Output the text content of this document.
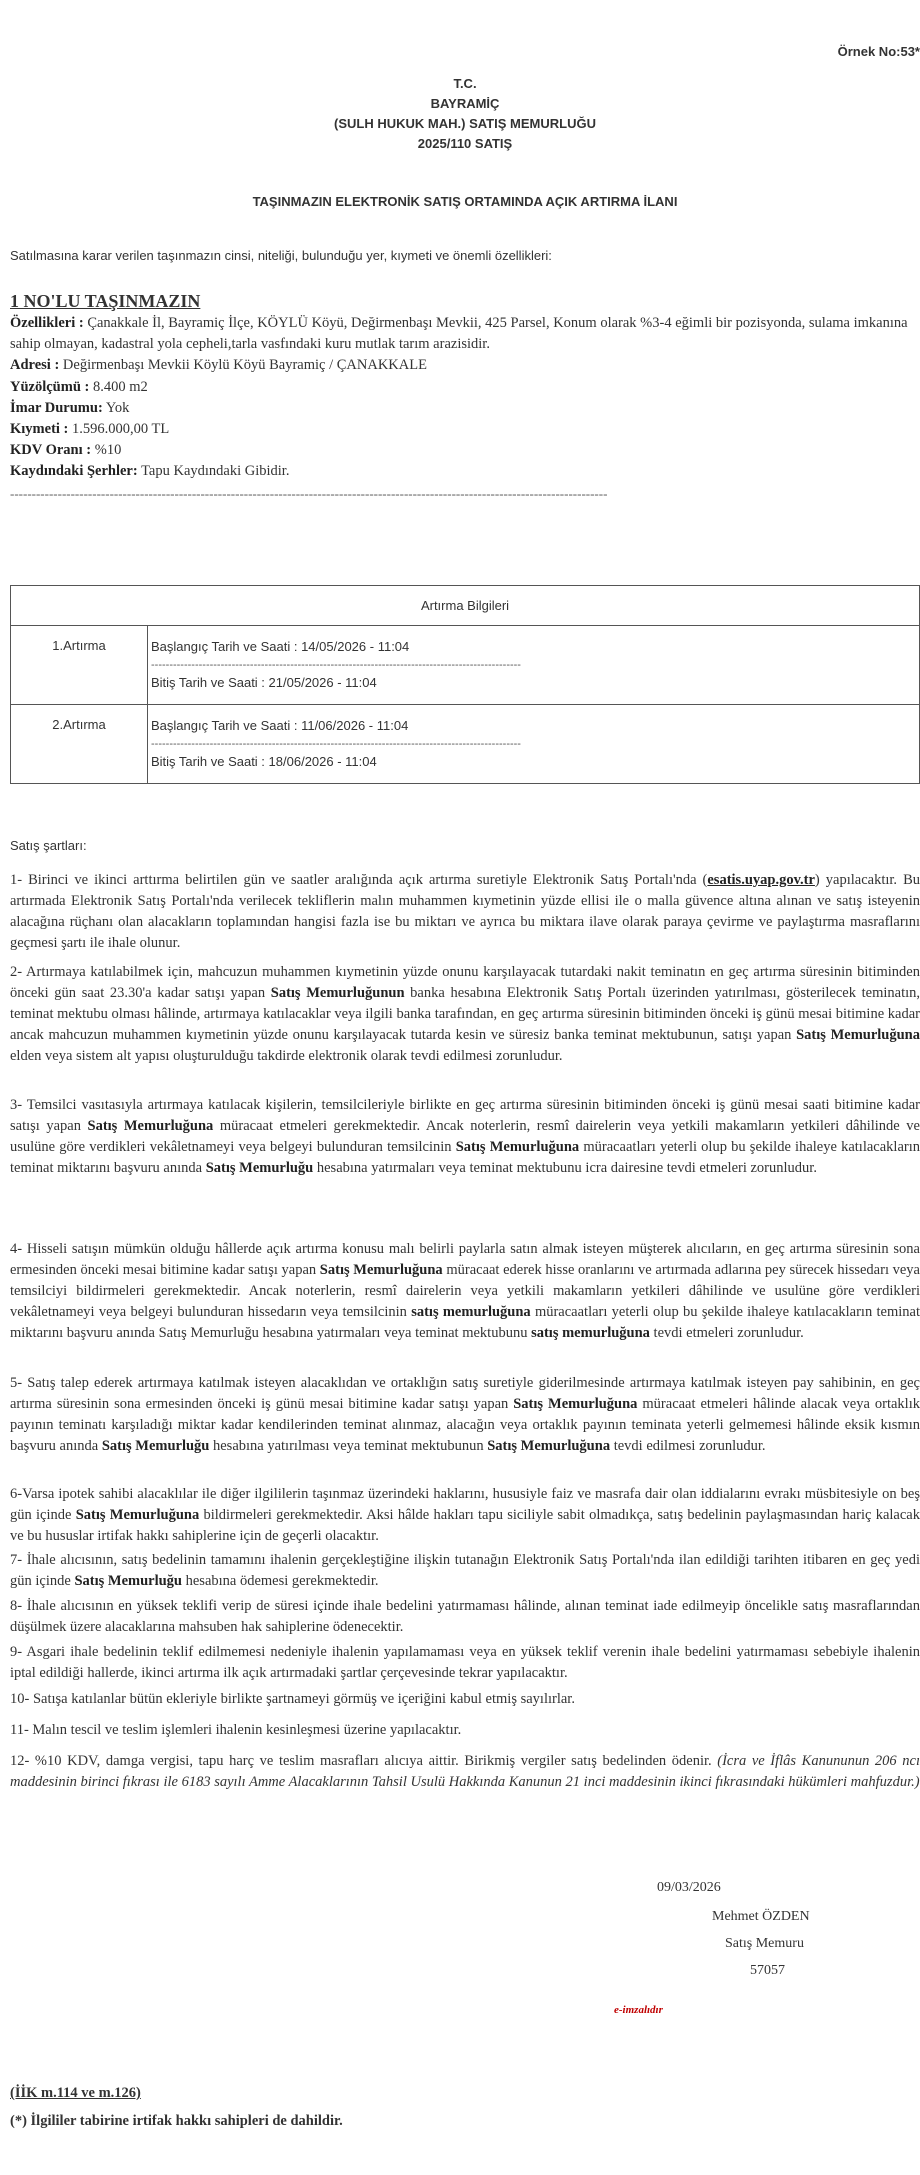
Örnek No:53*
T.C.
BAYRAMİÇ
(SULH HUKUK MAH.) SATIŞ MEMURLUĞU
2025/110 SATIŞ
TAŞINMAZIN ELEKTRONİK SATIŞ ORTAMINDA AÇIK ARTIRMA İLANI
Satılmasına karar verilen taşınmazın cinsi, niteliği, bulunduğu yer, kıymeti ve önemli özellikleri:
1 NO'LU TAŞINMAZIN
Özellikleri : Çanakkale İl, Bayramiç İlçe, KÖYLÜ Köyü, Değirmenbaşı Mevkii, 425 Parsel, Konum olarak %3-4 eğimli bir pozisyonda, sulama imkanına sahip olmayan, kadastral yola cepheli,tarla vasfındaki kuru mutlak tarım arazisidir.
Adresi : Değirmenbaşı Mevkii Köylü Köyü Bayramiç / ÇANAKKALE
Yüzölçümü : 8.400 m2
İmar Durumu: Yok
Kıymeti : 1.596.000,00 TL
KDV Oranı : %10
Kaydındaki Şerhler: Tapu Kaydındaki Gibidir.
------------------------------------------------------------------------------------------------------------------------------------------
Artırma Bilgileri	
1.Artırma	Başlangıç Tarih ve Saati : 14/05/2026 - 11:04
-----------------------------------------------------------------------------------------------------
Bitiş Tarih ve Saati : 21/05/2026 - 11:04

2.Artırma	Başlangıç Tarih ve Saati : 11/06/2026 - 11:04
-----------------------------------------------------------------------------------------------------
Bitiş Tarih ve Saati : 18/06/2026 - 11:04
Satış şartları:

1- Birinci ve ikinci arttırma belirtilen gün ve saatler aralığında açık artırma suretiyle Elektronik Satış Portalı'nda (esatis.uyap.gov.tr) yapılacaktır. Bu artırmada Elektronik Satış Portalı'nda verilecek tekliflerin malın muhammen kıymetinin yüzde ellisi ile o malla güvence altına alınan ve satış isteyenin alacağına rüçhanı olan alacakların toplamından hangisi fazla ise bu miktarı ve ayrıca bu miktara ilave olarak paraya çevirme ve paylaştırma masraflarını geçmesi şartı ile ihale olunur.

2- Artırmaya katılabilmek için, mahcuzun muhammen kıymetinin yüzde onunu karşılayacak tutardaki nakit teminatın en geç artırma süresinin bitiminden önceki gün saat 23.30'a kadar satışı yapan Satış Memurluğunun banka hesabına Elektronik Satış Portalı üzerinden yatırılması, gösterilecek teminatın, teminat mektubu olması hâlinde, artırmaya katılacaklar veya ilgili banka tarafından, en geç artırma süresinin bitiminden önceki iş günü mesai bitimine kadar ancak mahcuzun muhammen kıymetinin yüzde onunu karşılayacak tutarda kesin ve süresiz banka teminat mektubunun, satışı yapan Satış Memurluğuna elden veya sistem alt yapısı oluşturulduğu takdirde elektronik olarak tevdi edilmesi zorunludur.

3- Temsilci vasıtasıyla artırmaya katılacak kişilerin, temsilcileriyle birlikte en geç artırma süresinin bitiminden önceki iş günü mesai saati bitimine kadar satışı yapan Satış Memurluğuna müracaat etmeleri gerekmektedir. Ancak noterlerin, resmî dairelerin veya yetkili makamların yetkileri dâhilinde ve usulüne göre verdikleri vekâletnameyi veya belgeyi bulunduran temsilcinin Satış Memurluğuna müracaatları yeterli olup bu şekilde ihaleye katılacakların teminat miktarını başvuru anında Satış Memurluğu hesabına yatırmaları veya teminat mektubunu icra dairesine tevdi etmeleri zorunludur.

4- Hisseli satışın mümkün olduğu hâllerde açık artırma konusu malı belirli paylarla satın almak isteyen müşterek alıcıların, en geç artırma süresinin sona ermesinden önceki mesai bitimine kadar satışı yapan Satış Memurluğuna müracaat ederek hisse oranlarını ve artırmada adlarına pey sürecek hissedarı veya temsilciyi bildirmeleri gerekmektedir. Ancak noterlerin, resmî dairelerin veya yetkili makamların yetkileri dâhilinde ve usulüne göre verdikleri vekâletnameyi veya belgeyi bulunduran hissedarın veya temsilcinin satış memurluğuna müracaatları yeterli olup bu şekilde ihaleye katılacakların teminat miktarını başvuru anında Satış Memurluğu hesabına yatırmaları veya teminat mektubunu satış memurluğuna tevdi etmeleri zorunludur.

5- Satış talep ederek artırmaya katılmak isteyen alacaklıdan ve ortaklığın satış suretiyle giderilmesinde artırmaya katılmak isteyen pay sahibinin, en geç artırma süresinin sona ermesinden önceki iş günü mesai bitimine kadar satışı yapan Satış Memurluğuna müracaat etmeleri hâlinde alacak veya ortaklık payının teminatı karşıladığı miktar kadar kendilerinden teminat alınmaz, alacağın veya ortaklık payının teminata yeterli gelmemesi hâlinde eksik kısmın başvuru anında Satış Memurluğu hesabına yatırılması veya teminat mektubunun Satış Memurluğuna tevdi edilmesi zorunludur.

6-Varsa ipotek sahibi alacaklılar ile diğer ilgililerin taşınmaz üzerindeki haklarını, hususiyle faiz ve masrafa dair olan iddialarını evrakı müsbitesiyle on beş gün içinde Satış Memurluğuna bildirmeleri gerekmektedir. Aksi hâlde hakları tapu siciliyle sabit olmadıkça, satış bedelinin paylaşmasından hariç kalacak ve bu hususlar irtifak hakkı sahiplerine için de geçerli olacaktır.

7- İhale alıcısının, satış bedelinin tamamını ihalenin gerçekleştiğine ilişkin tutanağın Elektronik Satış Portalı'nda ilan edildiği tarihten itibaren en geç yedi gün içinde Satış Memurluğu hesabına ödemesi gerekmektedir.

8- İhale alıcısının en yüksek teklifi verip de süresi içinde ihale bedelini yatırmaması hâlinde, alınan teminat iade edilmeyip öncelikle satış masraflarından düşülmek üzere alacaklarına mahsuben hak sahiplerine ödenecektir.

9- Asgari ihale bedelinin teklif edilmemesi nedeniyle ihalenin yapılamaması veya en yüksek teklif verenin ihale bedelini yatırmaması sebebiyle ihalenin iptal edildiği hallerde, ikinci artırma ilk açık artırmadaki şartlar çerçevesinde tekrar yapılacaktır.

10- Satışa katılanlar bütün ekleriyle birlikte şartnameyi görmüş ve içeriğini kabul etmiş sayılırlar.

11- Malın tescil ve teslim işlemleri ihalenin kesinleşmesi üzerine yapılacaktır.

12- %10 KDV, damga vergisi, tapu harç ve teslim masrafları alıcıya aittir. Birikmiş vergiler satış bedelinden ödenir. (İcra ve İflâs Kanununun 206 ncı maddesinin birinci fıkrası ile 6183 sayılı Amme Alacaklarının Tahsil Usulü Hakkında Kanunun 21 inci maddesinin ikinci fıkrasındaki hükümleri mahfuzdur.)

09/03/2026
Mehmet ÖZDEN
Satış Memuru
57057
e-imzalıdır
(İİK m.114 ve m.126)
(*) İlgililer tabirine irtifak hakkı sahipleri de dahildir.
